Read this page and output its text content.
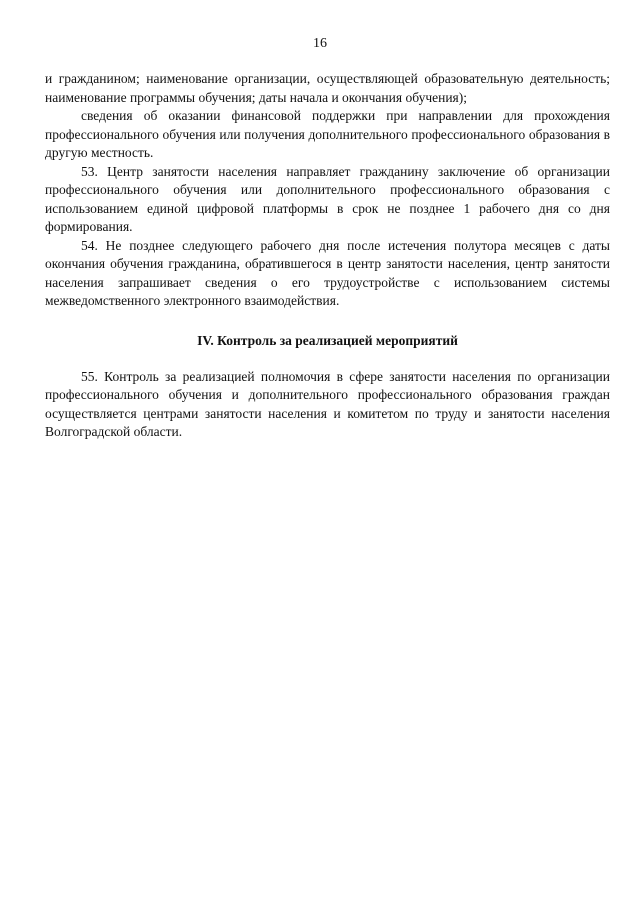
16

и гражданином; наименование организации, осуществляющей образовательную деятельность; наименование программы обучения; даты начала и окончания обучения);

сведения об оказании финансовой поддержки при направлении для прохождения профессионального обучения или получения дополнительного профессионального образования в другую местность.

53. Центр занятости населения направляет гражданину заключение об организации профессионального обучения или дополнительного профессионального образования с использованием единой цифровой платформы в срок не позднее 1 рабочего дня со дня формирования.

54. Не позднее следующего рабочего дня после истечения полутора месяцев с даты окончания обучения гражданина, обратившегося в центр занятости населения, центр занятости населения запрашивает сведения о его трудоустройстве с использованием системы межведомственного электронного взаимодействия.

IV. Контроль за реализацией мероприятий

55. Контроль за реализацией полномочия в сфере занятости населения по организации профессионального обучения и дополнительного профессионального образования граждан осуществляется центрами занятости населения и комитетом по труду и занятости населения Волгоградской области.
